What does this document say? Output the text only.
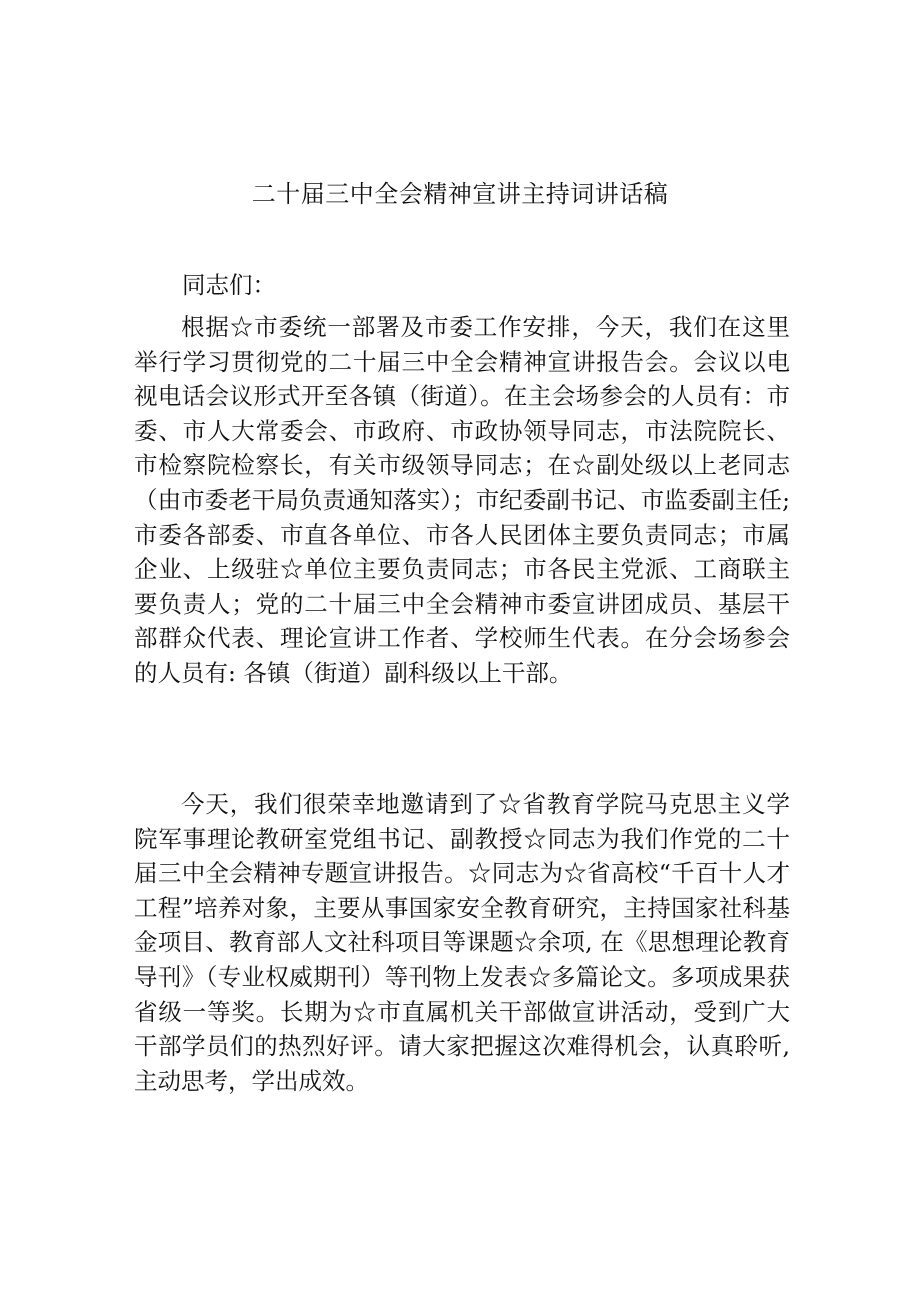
二十届三中全会精神宣讲主持词讲话稿

同志们：

根据☆市委统一部署及市委工作安排，今天，我们在这里举行学习贯彻党的二十届三中全会精神宣讲报告会。会议以电视电话会议形式开至各镇（街道）。在主会场参会的人员有：市委、市人大常委会、市政府、市政协领导同志，市法院院长、市检察院检察长，有关市级领导同志；在☆副处级以上老同志（由市委老干局负责通知落实）；市纪委副书记、市监委副主任;市委各部委、市直各单位、市各人民团体主要负责同志；市属企业、上级驻☆单位主要负责同志；市各民主党派、工商联主要负责人；党的二十届三中全会精神市委宣讲团成员、基层干部群众代表、理论宣讲工作者、学校师生代表。在分会场参会的人员有: 各镇（街道）副科级以上干部。

今天，我们很荣幸地邀请到了☆省教育学院马克思主义学院军事理论教研室党组书记、副教授☆同志为我们作党的二十届三中全会精神专题宣讲报告。☆同志为☆省高校“千百十人才工程”培养对象，主要从事国家安全教育研究，主持国家社科基金项目、教育部人文社科项目等课题☆余项, 在《思想理论教育导刊》（专业权威期刊）等刊物上发表☆多篇论文。多项成果获省级一等奖。长期为☆市直属机关干部做宣讲活动，受到广大干部学员们的热烈好评。请大家把握这次难得机会，认真聆听, 主动思考，学出成效。
